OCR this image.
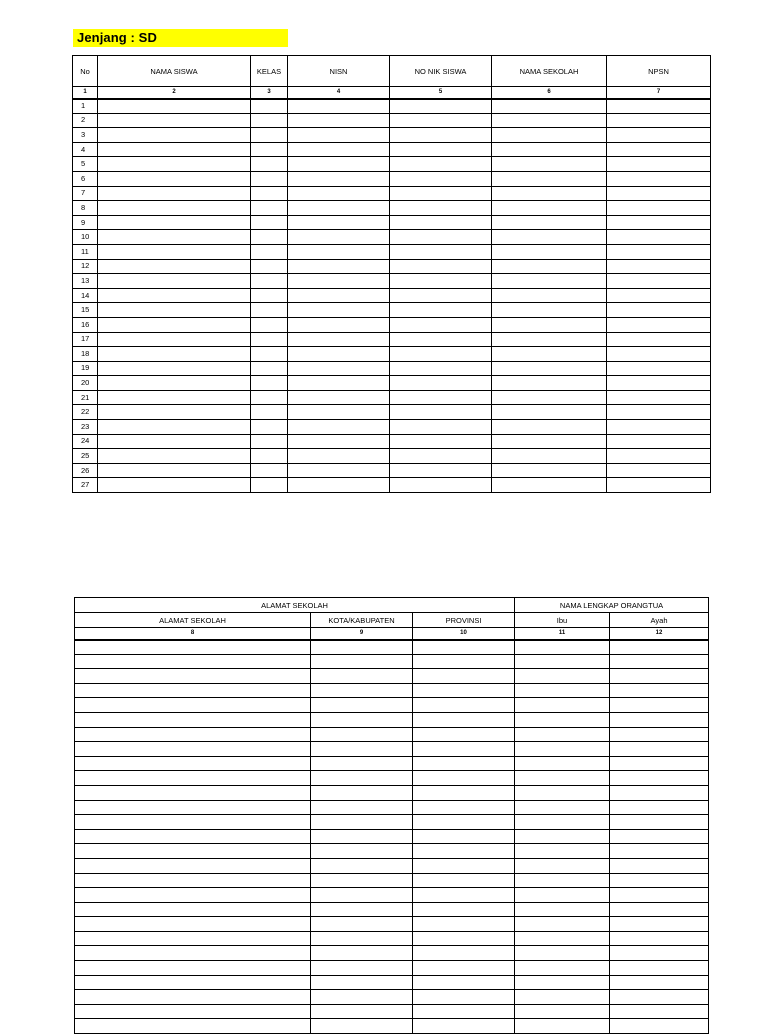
Jenjang : SD
No	NAMA SISWA	KELAS	NISN	NO NIK SISWA	NAMA SEKOLAH	NPSN
1	2	3	4	5	6	7
1						
2						
3						
4						
5						
6						
7						
8						
9						
10						
11						
12						
13						
14						
15						
16						
17						
18						
19						
20						
21						
22						
23						
24						
25						
26						
27						
ALAMAT SEKOLAH			NAMA LENGKAP ORANGTUA	
ALAMAT SEKOLAH	KOTA/KABUPATEN	PROVINSI	Ibu	Ayah
8	9	10	11	12
